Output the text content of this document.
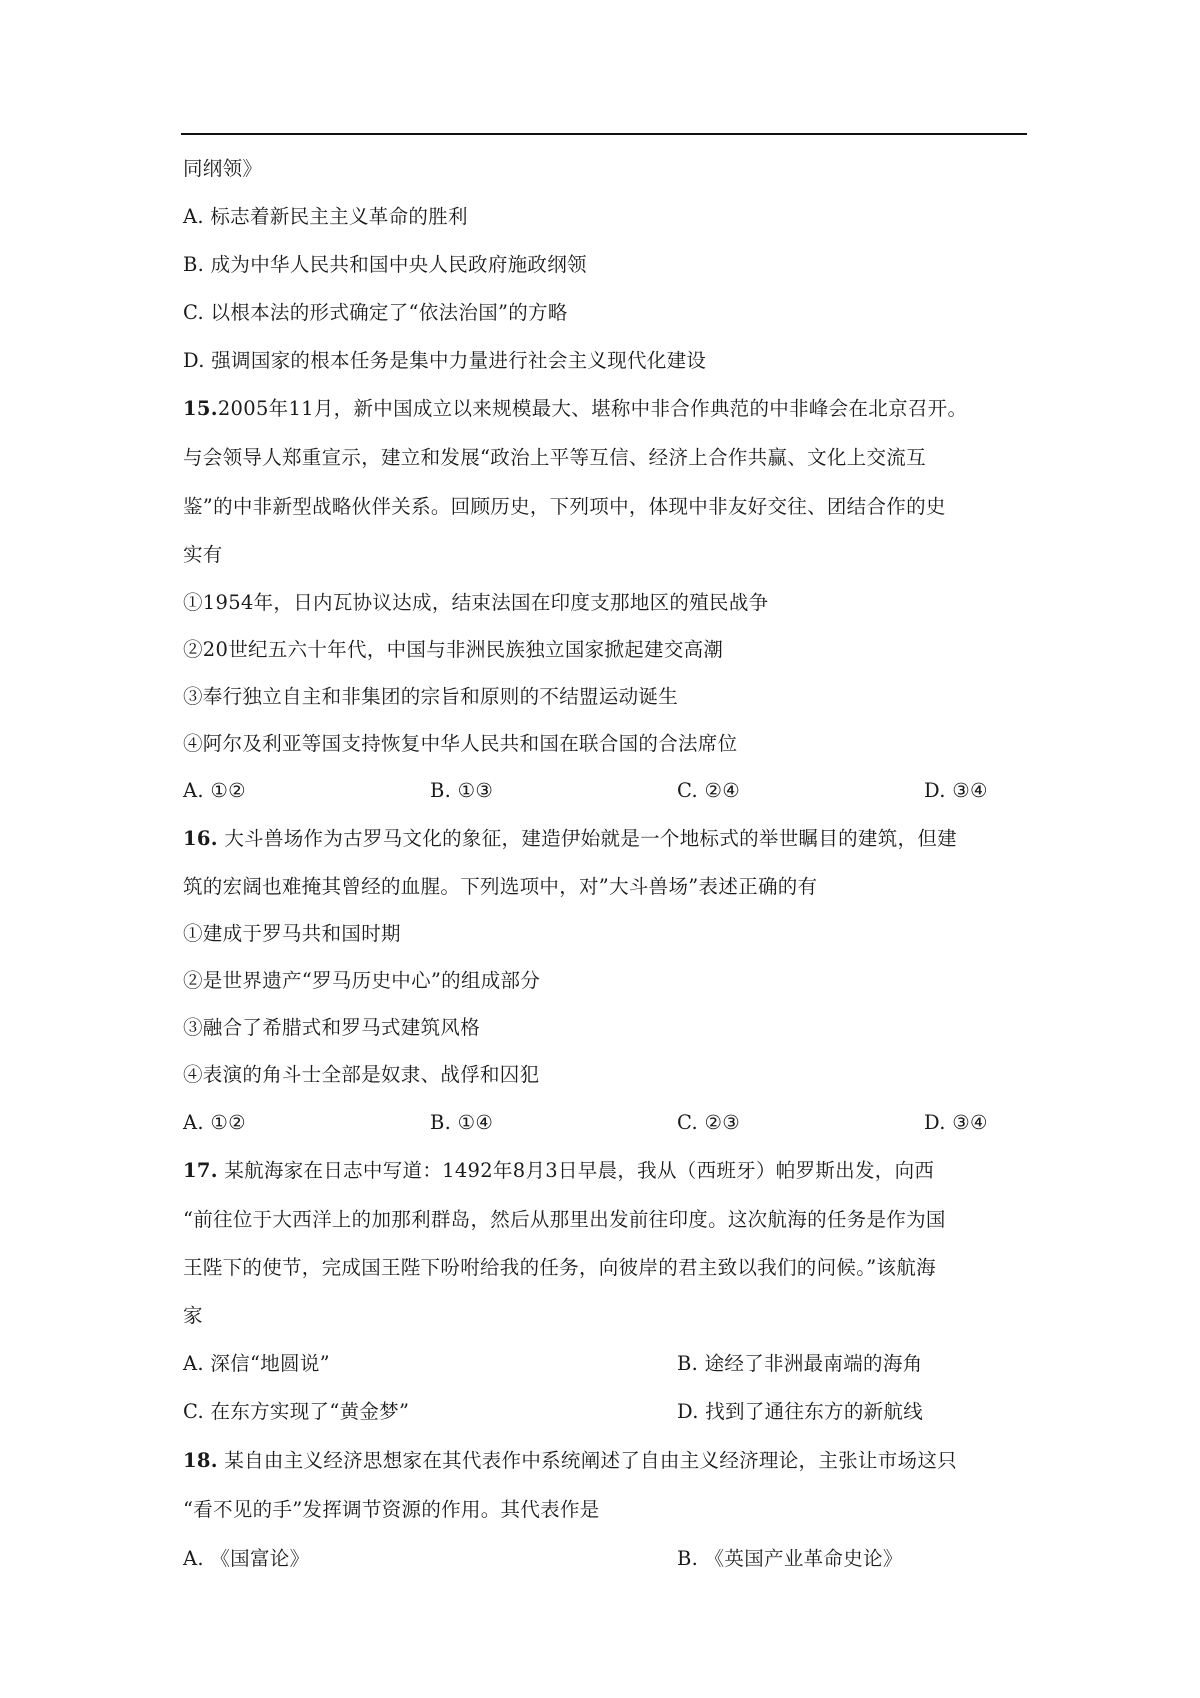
同纲领》
A. 标志着新民主主义革命的胜利
B. 成为中华人民共和国中央人民政府施政纲领
C. 以根本法的形式确定了“依法治国”的方略
D. 强调国家的根本任务是集中力量进行社会主义现代化建设
15.2005年11月，新中国成立以来规模最大、堪称中非合作典范的中非峰会在北京召开。
与会领导人郑重宣示，建立和发展“政治上平等互信、经济上合作共赢、文化上交流互
鉴”的中非新型战略伙伴关系。回顾历史，下列项中，体现中非友好交往、团结合作的史
实有
①1954年，日内瓦协议达成，结束法国在印度支那地区的殖民战争
②20世纪五六十年代，中国与非洲民族独立国家掀起建交高潮
③奉行独立自主和非集团的宗旨和原则的不结盟运动诞生
④阿尔及利亚等国支持恢复中华人民共和国在联合国的合法席位
A. ①②	B. ①③	C. ②④	D. ③④
16. 大斗兽场作为古罗马文化的象征，建造伊始就是一个地标式的举世瞩目的建筑，但建
筑的宏阔也难掩其曾经的血腥。下列选项中，对”大斗兽场”表述正确的有
①建成于罗马共和国时期
②是世界遗产“罗马历史中心”的组成部分
③融合了希腊式和罗马式建筑风格
④表演的角斗士全部是奴隶、战俘和囚犯
A. ①②	B. ①④	C. ②③	D. ③④
17. 某航海家在日志中写道：1492年8月3日早晨，我从（西班牙）帕罗斯出发，向西
“前往位于大西洋上的加那利群岛，然后从那里出发前往印度。这次航海的任务是作为国
王陛下的使节，完成国王陛下吩咐给我的任务，向彼岸的君主致以我们的问候。”该航海
家
A. 深信“地圆说”	B. 途经了非洲最南端的海角
C. 在东方实现了“黄金梦”	D. 找到了通往东方的新航线
18. 某自由主义经济思想家在其代表作中系统阐述了自由主义经济理论，主张让市场这只
“看不见的手”发挥调节资源的作用。其代表作是
A. 《国富论》	B. 《英国产业革命史论》
